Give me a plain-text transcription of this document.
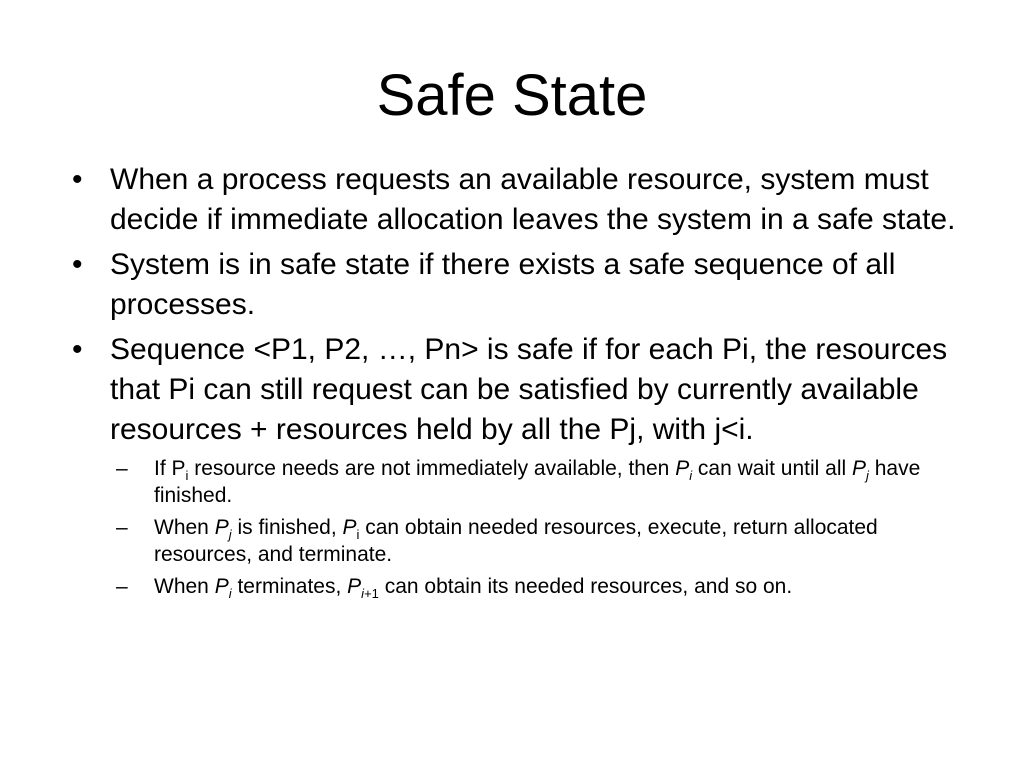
Safe State
• When a process requests an available resource, system must decide if immediate allocation leaves the system in a safe state.
• System is in safe state if there exists a safe sequence of all processes.
• Sequence <P1, P2, …, Pn> is safe if for each Pi, the resources that Pi can still request can be satisfied by currently available resources + resources held by all the Pj, with j<i.
– If $P_i$ resource needs are not immediately available, then $P_i$ can wait until all $P_j$ have finished.
– When $P_j$ is finished, $P_i$ can obtain needed resources, execute, return allocated resources, and terminate.
– When $P_i$ terminates, $P_{i+1}$ can obtain its needed resources, and so on.
